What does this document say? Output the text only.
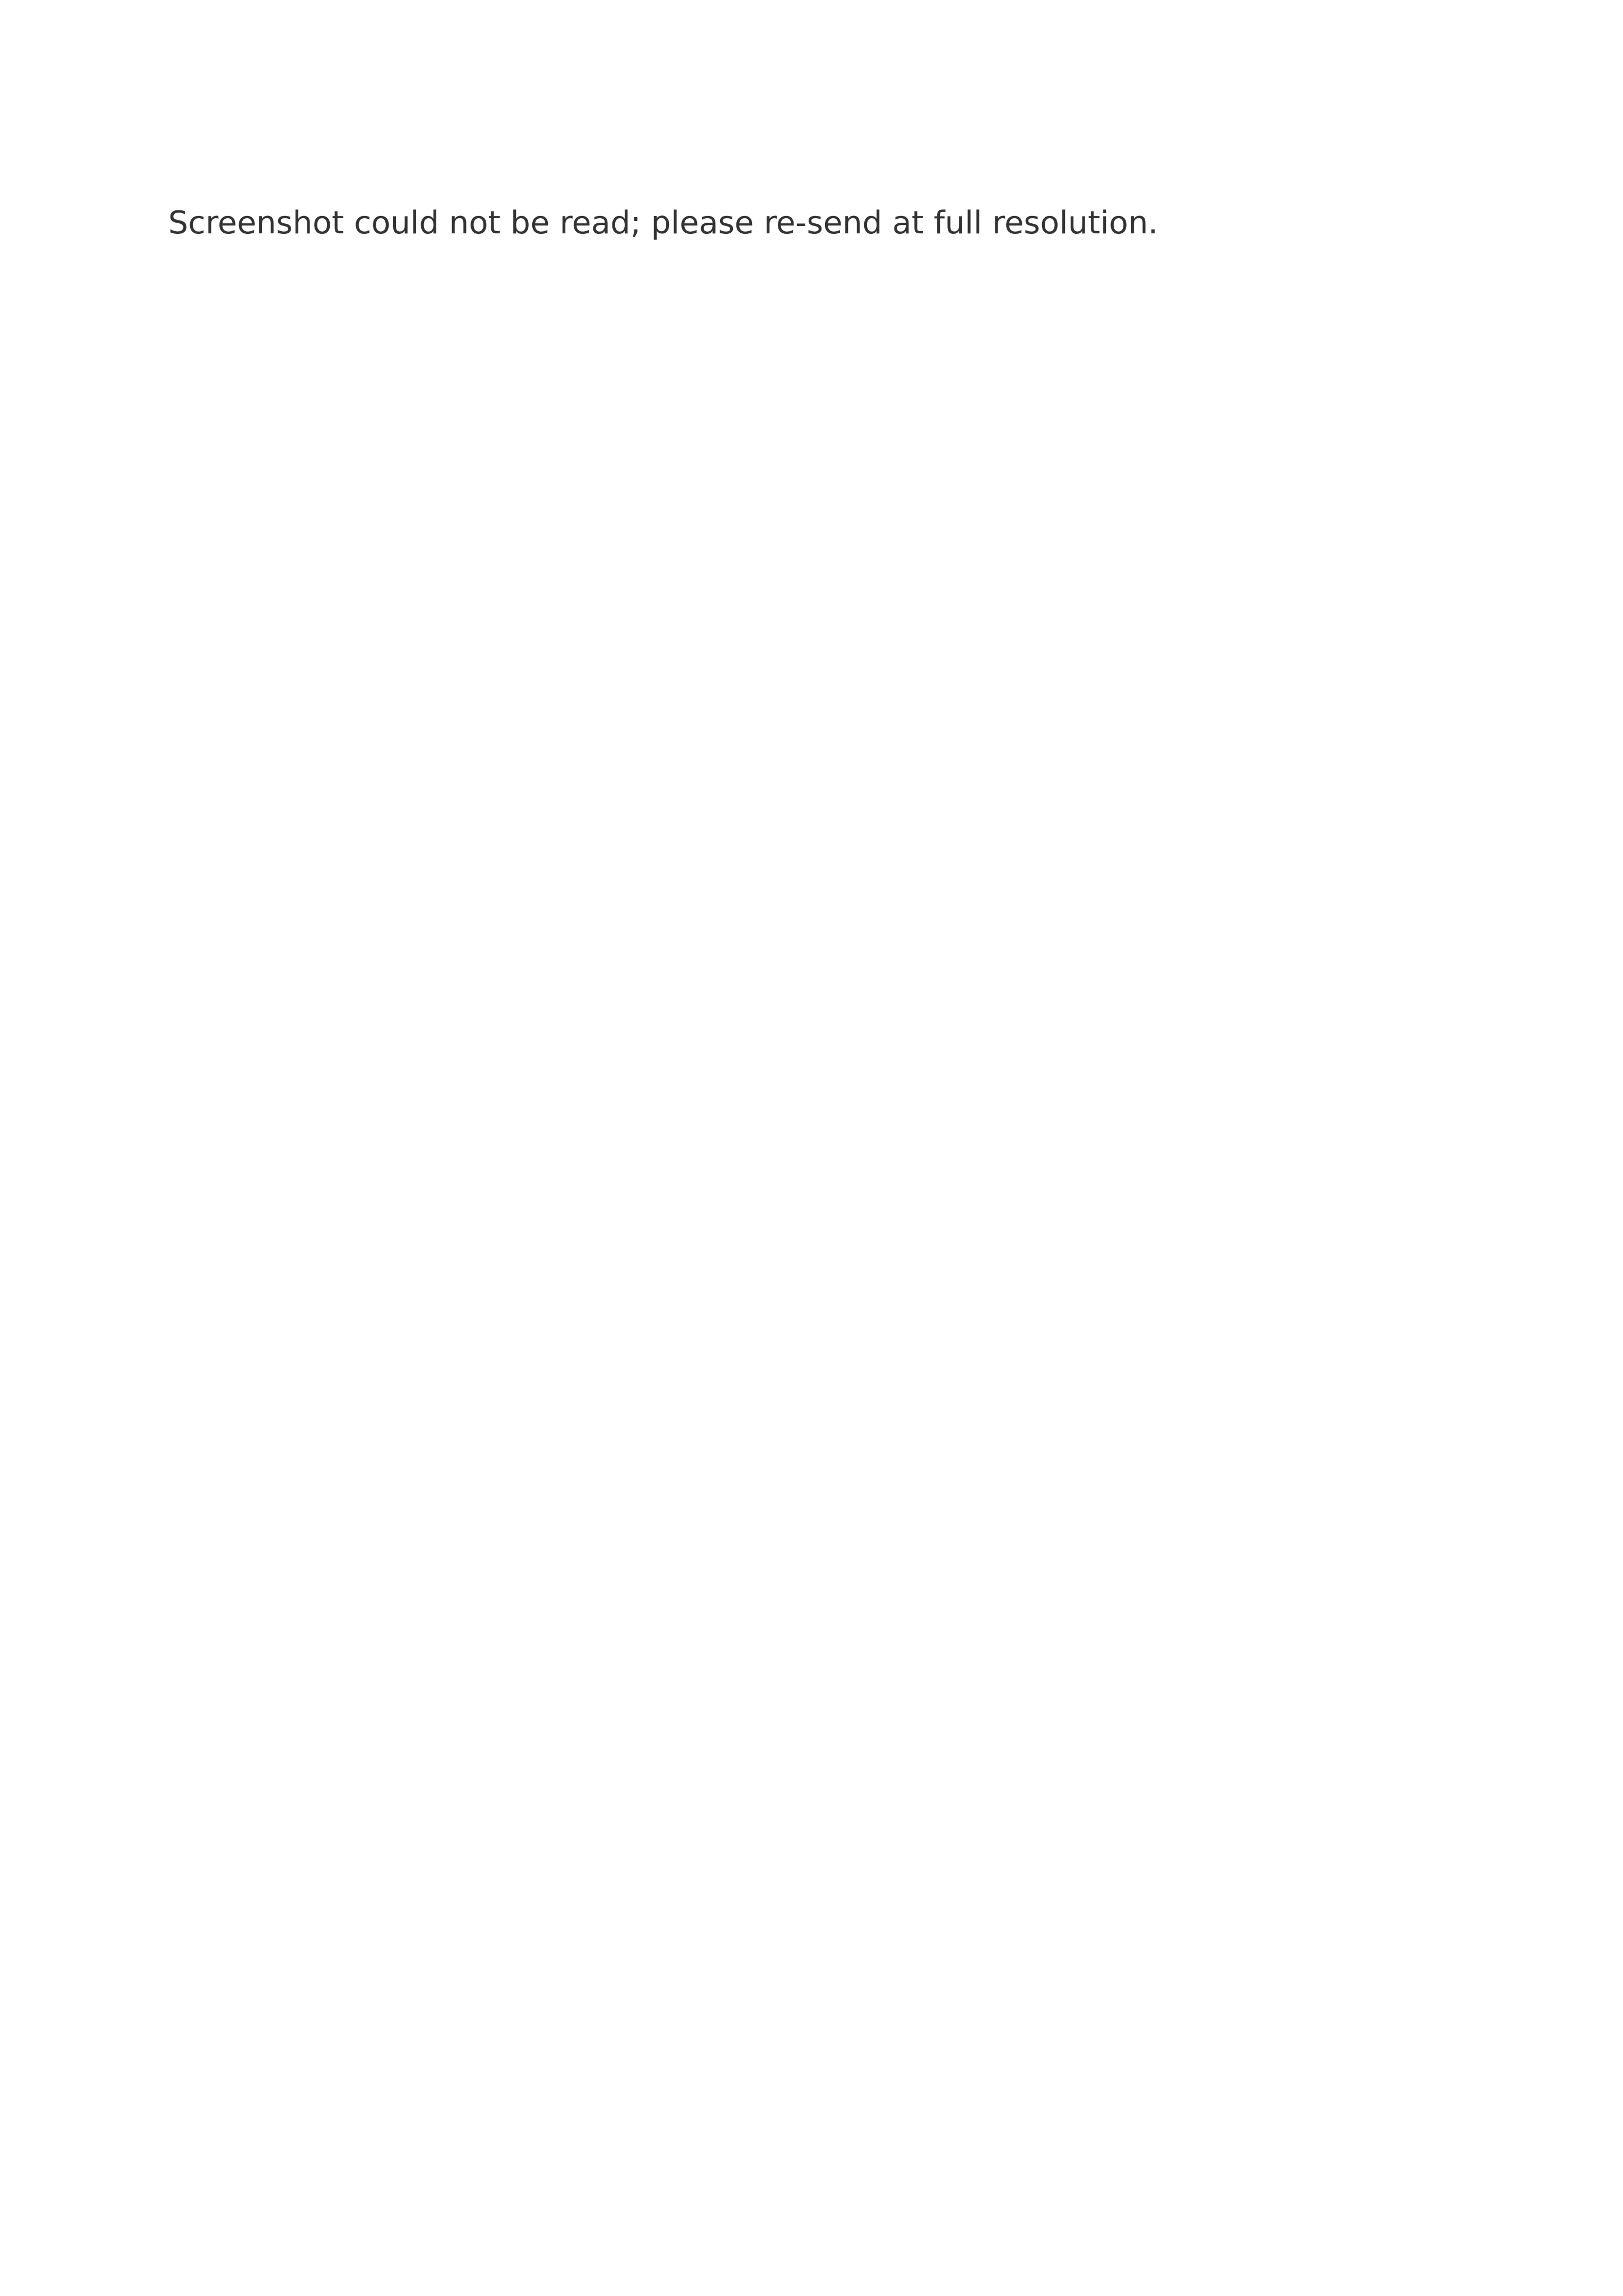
Screenshot could not be read; please re-send at full resolution.
